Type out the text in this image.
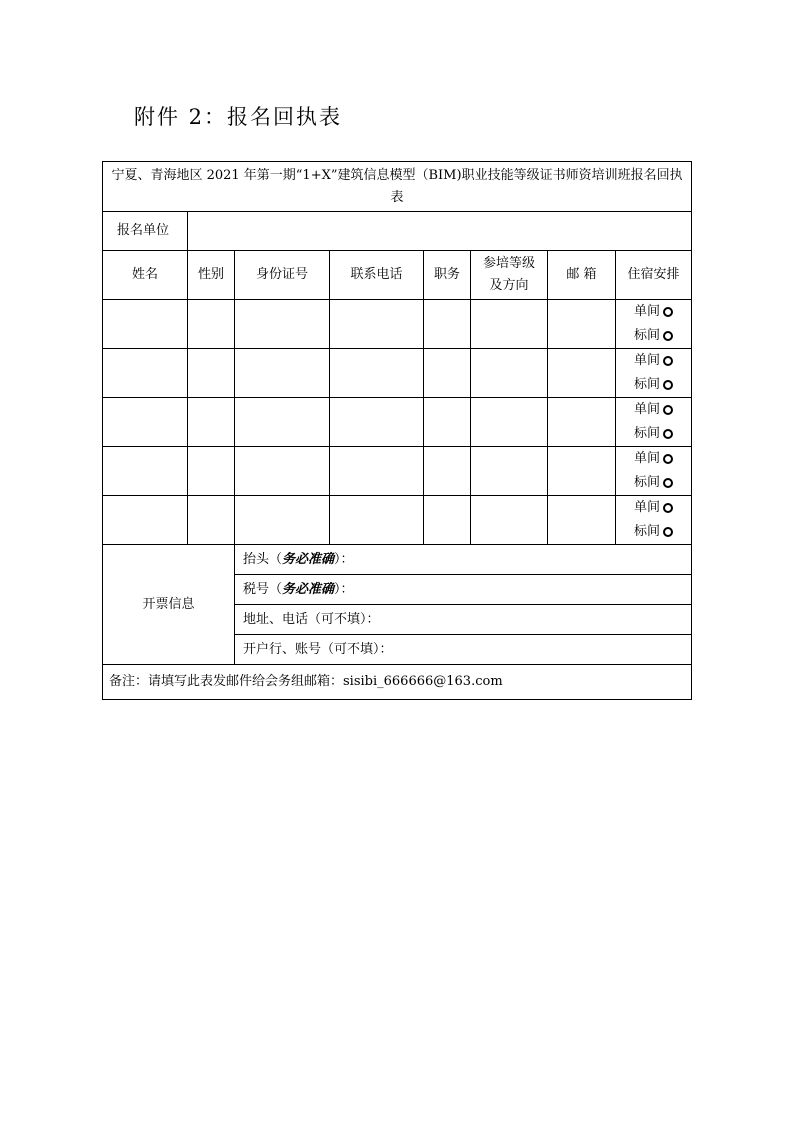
附件 2：报名回执表
宁夏、青海地区 2021 年第一期“1+X”建筑信息模型（BIM)职业技能等级证书师资培训班报名回执表							
报名单位							
姓名	性别	身份证号	联系电话	职务	参培等级及方向	邮 箱	住宿安排

							单间
标间

							单间
标间

							单间
标间

							单间
标间

							单间
标间

开票信息		抬头（务必准确）：					
		税号（务必准确）：					
		地址、电话（可不填）：					
		开户行、账号（可不填）：					
备注：请填写此表发邮件给会务组邮箱：sisibi_666666@163.com							
